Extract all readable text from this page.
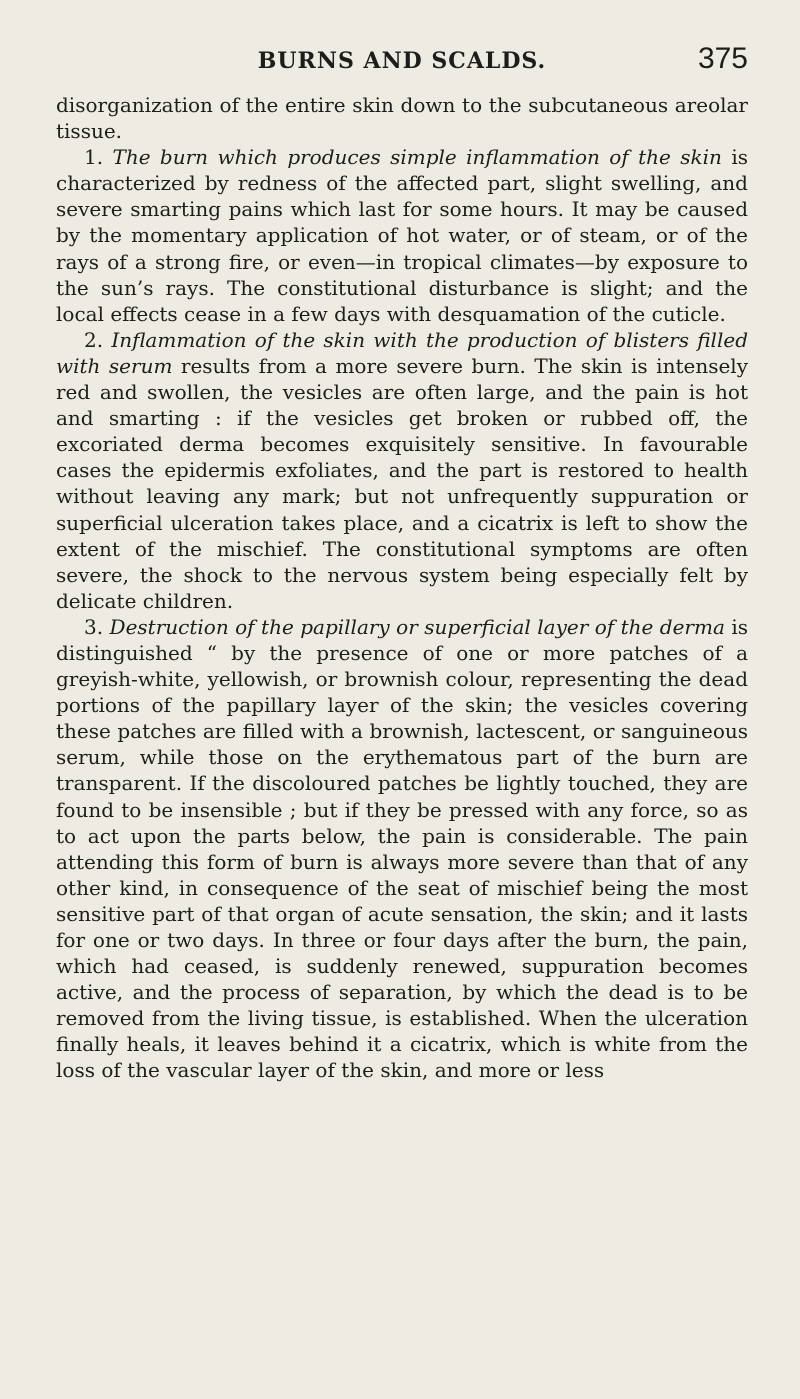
BURNS AND SCALDS.	375

disorganization of the entire skin down to the subcutaneous areolar tissue.

1. The burn which produces simple inflammation of the skin is characterized by redness of the affected part, slight swelling, and severe smarting pains which last for some hours. It may be caused by the momentary application of hot water, or of steam, or of the rays of a strong fire, or even—in tropical climates—by exposure to the sun’s rays. The constitutional disturbance is slight; and the local effects cease in a few days with desquamation of the cuticle.

2. Inflammation of the skin with the production of blisters filled with serum results from a more severe burn. The skin is intensely red and swollen, the vesicles are often large, and the pain is hot and smarting : if the vesicles get broken or rubbed off, the excoriated derma becomes exquisitely sensitive. In favourable cases the epidermis exfoliates, and the part is restored to health without leaving any mark; but not unfrequently suppuration or superficial ulceration takes place, and a cicatrix is left to show the extent of the mischief. The constitutional symptoms are often severe, the shock to the nervous system being especially felt by delicate children.

3. Destruction of the papillary or superficial layer of the derma is distinguished “ by the presence of one or more patches of a greyish-white, yellowish, or brownish colour, representing the dead portions of the papillary layer of the skin; the vesicles covering these patches are filled with a brownish, lactescent, or sanguineous serum, while those on the erythematous part of the burn are transparent. If the discoloured patches be lightly touched, they are found to be insensible ; but if they be pressed with any force, so as to act upon the parts below, the pain is considerable. The pain attending this form of burn is always more severe than that of any other kind, in consequence of the seat of mischief being the most sensitive part of that organ of acute sensation, the skin; and it lasts for one or two days. In three or four days after the burn, the pain, which had ceased, is suddenly renewed, suppuration becomes active, and the process of separation, by which the dead is to be removed from the living tissue, is established. When the ulceration finally heals, it leaves behind it a cicatrix, which is white from the loss of the vascular layer of the skin, and more or less
